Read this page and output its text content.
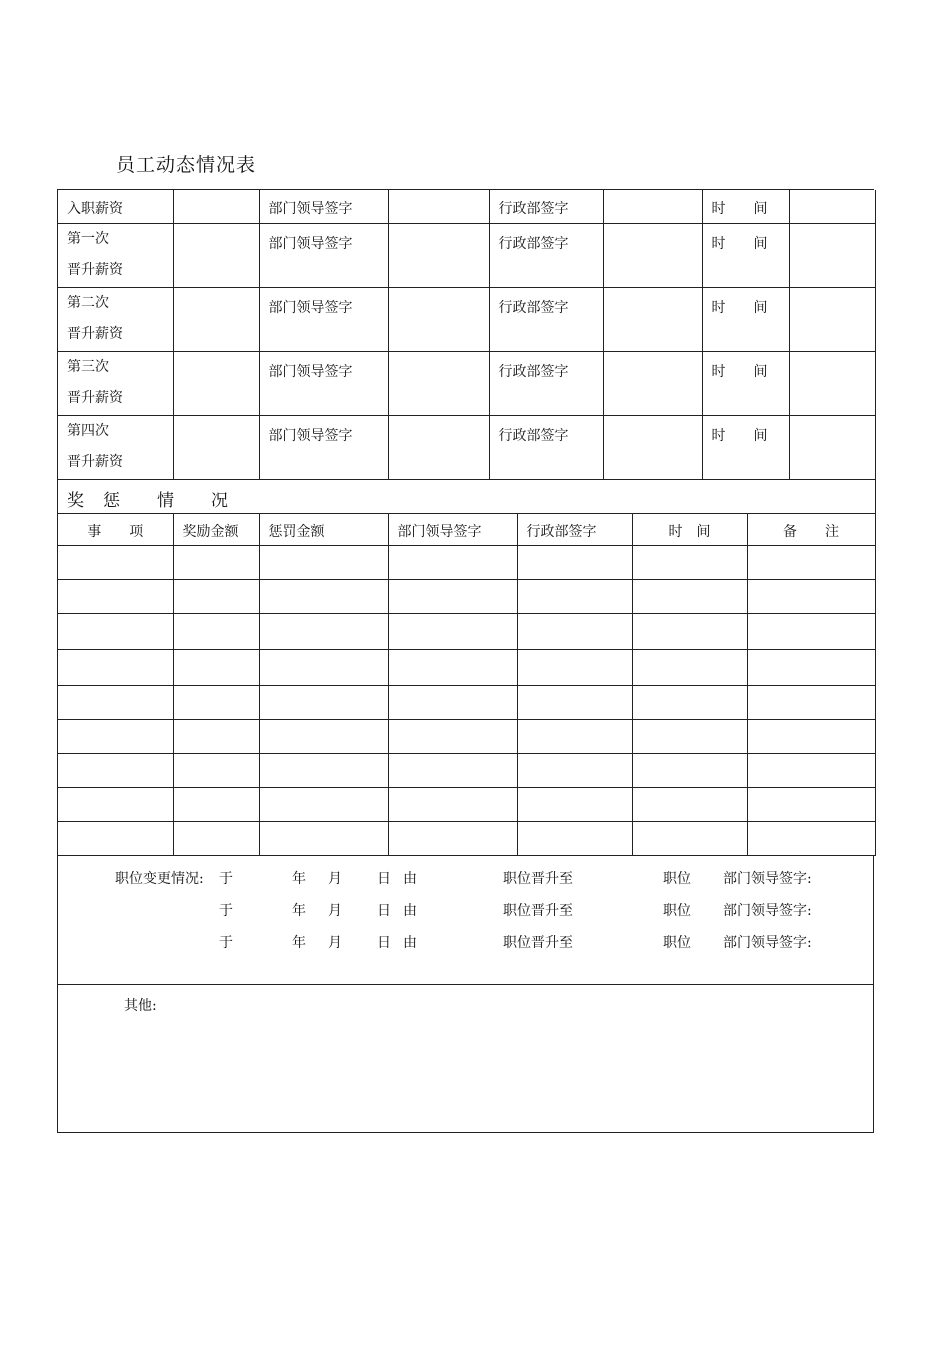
员工动态情况表
入职薪资		部门领导签字		行政部签字		时　　间	

第一次
晋升薪资		部门领导签字		行政部签字		时　　间	

第二次
晋升薪资		部门领导签字		行政部签字		时　　间	

第三次
晋升薪资		部门领导签字		行政部签字		时　　间	

第四次
晋升薪资		部门领导签字		行政部签字		时　　间	
奖　惩　　情　　况						
事　　项	奖励金额	惩罚金额	部门领导签字	行政部签字	时　间	备　　注

职位变更情况: 于	年 月	日 由	职位晋升至	职位 部门领导签字:
于	年 月	日 由	职位晋升至	职位 部门领导签字:
于	年 月	日 由	职位晋升至	职位 部门领导签字:
其他:
